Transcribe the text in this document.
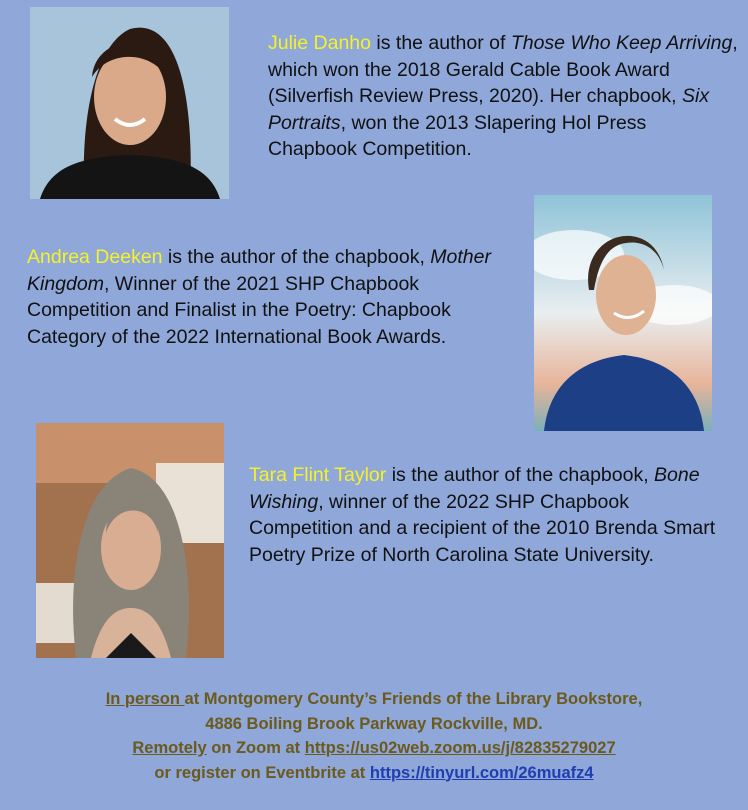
Julie Danho is the author of Those Who Keep Arriving, which won the 2018 Gerald Cable Book Award (Silverfish Review Press, 2020). Her chapbook, Six Portraits, won the 2013 Slapering Hol Press Chapbook Competition.
Andrea Deeken is the author of the chapbook, Mother Kingdom, Winner of the 2021 SHP Chapbook Competition and Finalist in the Poetry: Chapbook Category of the 2022 International Book Awards.
Tara Flint Taylor is the author of the chapbook, Bone Wishing, winner of the 2022 SHP Chapbook Competition and a recipient of the 2010 Brenda Smart Poetry Prize of North Carolina State University.
In person at Montgomery County’s Friends of the Library Bookstore,
4886 Boiling Brook Parkway Rockville, MD.
Remotely on Zoom at https://us02web.zoom.us/j/82835279027
or register on Eventbrite at https://tinyurl.com/26muafz4
